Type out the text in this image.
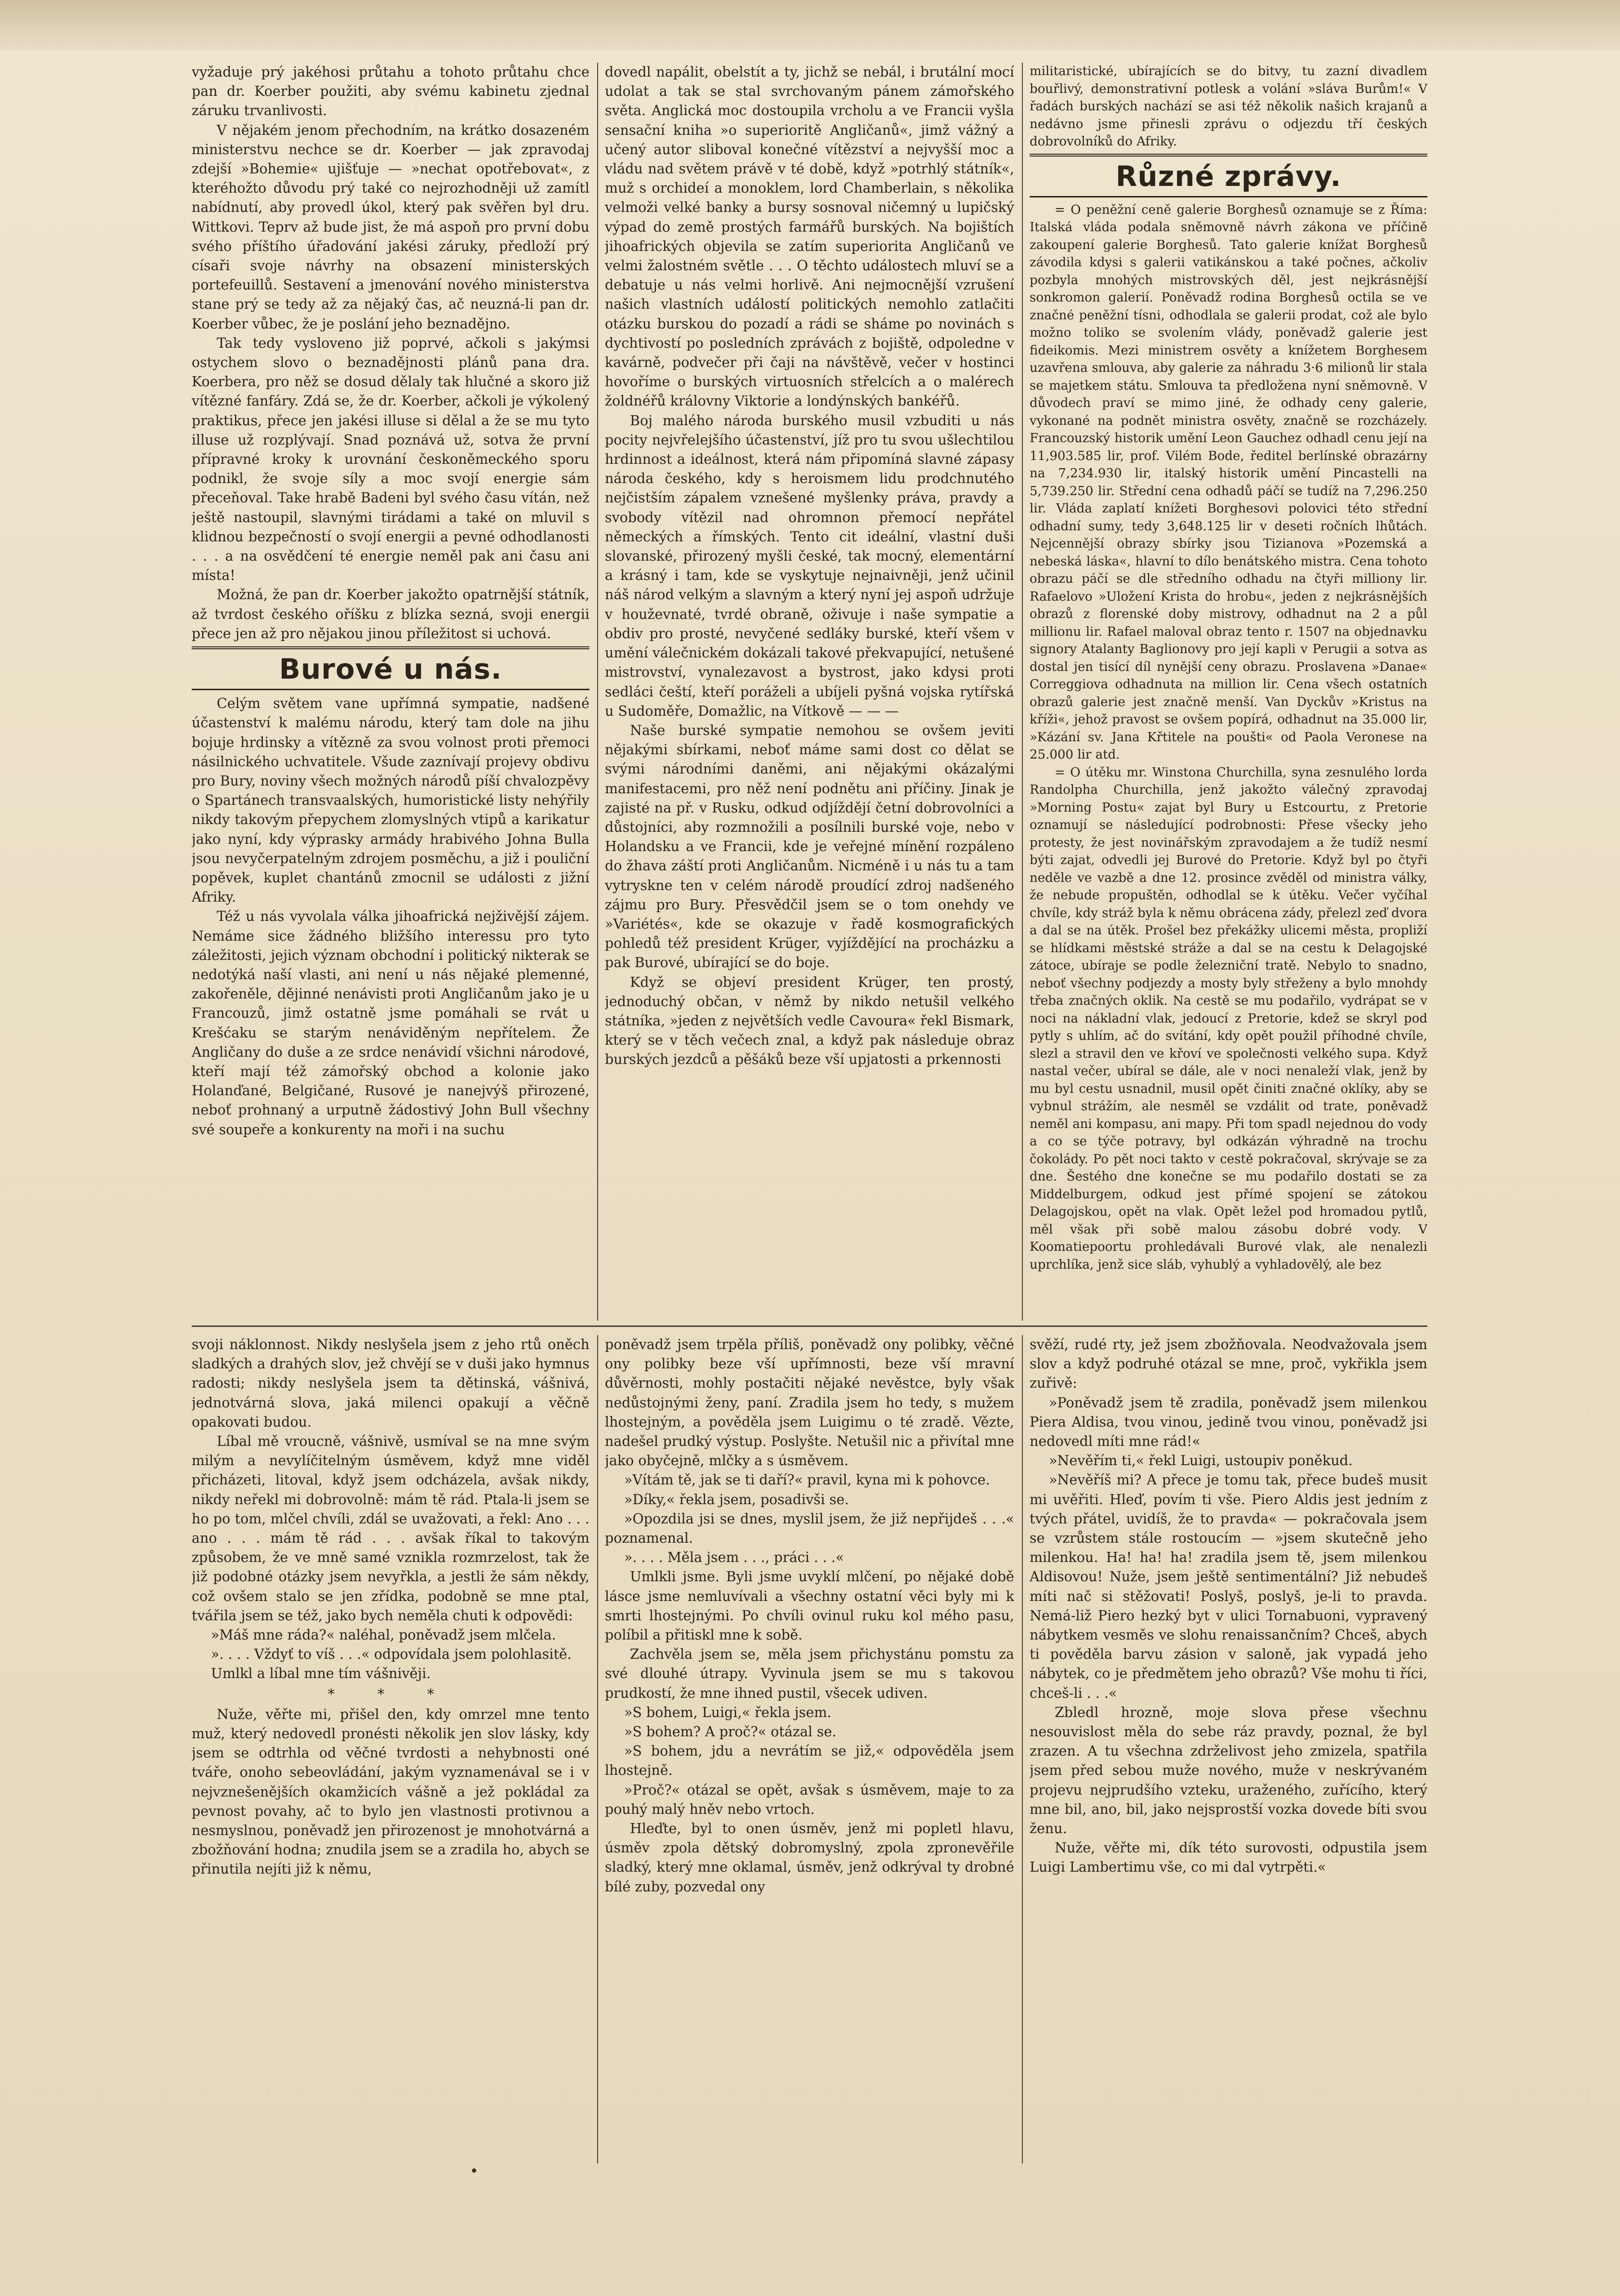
vyžaduje prý jakéhosi průtahu a tohoto průtahu chce pan dr. Koerber použiti, aby svému kabinetu zjednal záruku trvanlivosti.

V nějakém jenom přechodním, na krátko dosazeném ministerstvu nechce se dr. Koerber — jak zpravodaj zdejší »Bohemie« ujišťuje — »nechat opotřebovat«, z kteréhožto důvodu prý také co nejrozhodněji už zamítl nabídnutí, aby provedl úkol, který pak svěřen byl dru. Wittkovi. Teprv až bude jist, že má aspoň pro první dobu svého příštího úřadování jakési záruky, předloží prý císaři svoje návrhy na obsazení ministerských portefeuillů. Sestavení a jmenování nového ministerstva stane prý se tedy až za nějaký čas, ač neuzná-li pan dr. Koerber vůbec, že je poslání jeho beznadějno.

Tak tedy vysloveno již poprvé, ačkoli s jakýmsi ostychem slovo o beznadějnosti plánů pana dra. Koerbera, pro něž se dosud dělaly tak hlučné a skoro již vítězné fanfáry. Zdá se, že dr. Koerber, ačkoli je výkolený praktikus, přece jen jakési illuse si dělal a že se mu tyto illuse už rozplývají. Snad poznává už, sotva že první přípravné kroky k urovnání českoněmeckého sporu podnikl, že svoje síly a moc svojí energie sám přeceňoval. Take hrabě Badeni byl svého času vítán, než ještě nastoupil, slavnými tirádami a také on mluvil s klidnou bezpečností o svojí energii a pevné odhodlanosti . . . a na osvědčení té energie neměl pak ani času ani místa!

Možná, že pan dr. Koerber jakožto opatrnější státník, až tvrdost českého oříšku z blízka sezná, svoji energii přece jen až pro nějakou jinou příležitost si uchová.

Burové u nás.

Celým světem vane upřímná sympatie, nadšené účastenství k malému národu, který tam dole na jihu bojuje hrdinsky a vítězně za svou volnost proti přemoci násilnického uchvatitele. Všude zaznívají projevy obdivu pro Bury, noviny všech možných národů píší chvalozpěvy o Spartánech transvaalských, humoristické listy nehýřily nikdy takovým přepychem zlomyslných vtipů a karikatur jako nyní, kdy výprasky armády hrabivého Johna Bulla jsou nevyčerpatelným zdrojem posměchu, a již i pouliční popěvek, kuplet chantánů zmocnil se události z jižní Afriky.

Též u nás vyvolala válka jihoafrická nejživější zájem. Nemáme sice žádného bližšího interessu pro tyto záležitosti, jejich význam obchodní i politický nikterak se nedotýká naší vlasti, ani není u nás nějaké plemenné, zakořeněle, dějinné nenávisti proti Angličanům jako je u Francouzů, jimž ostatně jsme pomáhali se rvát u Krešćaku se starým nenáviděným nepřítelem. Že Angličany do duše a ze srdce nenávidí všichni národové, kteří mají též zámořský obchod a kolonie jako Holanďané, Belgičané, Rusové je nanejvýš přirozené, neboť prohnaný a urputně žádostivý John Bull všechny své soupeře a konkurenty na moři i na suchu

dovedl napálit, obelstít a ty, jichž se nebál, i brutální mocí udolat a tak se stal svrchovaným pánem zámořského světa. Anglická moc dostoupila vrcholu a ve Francii vyšla sensační kniha »o superioritě Angličanů«, jimž vážný a učený autor sliboval konečné vítězství a nejvyšší moc a vládu nad světem právě v té době, když »potrhlý státník«, muž s orchideí a monoklem, lord Chamberlain, s několika velmoži velké banky a bursy sosnoval ničemný u lupičský výpad do země prostých farmářů burských. Na bojištích jihoafrických objevila se zatím superiorita Angličanů ve velmi žalostném světle . . . O těchto událostech mluví se a debatuje u nás velmi horlivě. Ani nejmocnější vzrušení našich vlastních událostí politických nemohlo zatlačiti otázku burskou do pozadí a rádi se sháme po novinách s dychtivostí po posledních zprávách z bojiště, odpoledne v kavárně, podvečer při čaji na návštěvě, večer v hostinci hovoříme o burských virtuosních střelcích a o malérech žoldnéřů královny Viktorie a londýnských bankéřů.

Boj malého národa burského musil vzbuditi u nás pocity nejvřelejšího účastenství, jíž pro tu svou ušlechtilou hrdinnost a ideálnost, která nám připomíná slavné zápasy národa českého, kdy s heroismem lidu prodchnutého nejčistším zápalem vznešené myšlenky práva, pravdy a svobody vítězil nad ohromnon přemocí nepřátel německých a římských. Tento cit ideální, vlastní duši slovanské, přirozený myšli české, tak mocný, elementární a krásný i tam, kde se vyskytuje nejnaivněji, jenž učinil náš národ velkým a slavným a který nyní jej aspoň udržuje v houževnaté, tvrdé obraně, oživuje i naše sympatie a obdiv pro prosté, nevyčené sedláky burské, kteří všem v umění válečnickém dokázali takové překvapující, netušené mistrovství, vynalezavost a bystrost, jako kdysi proti sedláci čeští, kteří poráželi a ubíjeli pyšná vojska rytířská u Sudoměře, Domažlic, na Vítkově — — —

Naše burské sympatie nemohou se ovšem jeviti nějakými sbírkami, neboť máme sami dost co dělat se svými národními daněmi, ani nějakými okázalými manifestacemi, pro něž není podnětu ani příčiny. Jinak je zajisté na př. v Rusku, odkud odjíždějí četní dobrovolníci a důstojníci, aby rozmnožili a posílnili burské voje, nebo v Holandsku a ve Francii, kde je veřejné mínění rozpáleno do žhava záští proti Angličanům. Nicméně i u nás tu a tam vytryskne ten v celém národě proudící zdroj nadšeného zájmu pro Bury. Přesvědčil jsem se o tom onehdy ve »Variétés«, kde se okazuje v řadě kosmografických pohledů též president Krüger, vyjíždějící na procházku a pak Burové, ubírající se do boje.

Když se objeví president Krüger, ten prostý, jednoduchý občan, v němž by nikdo netušil velkého státníka, »jeden z největších vedle Cavoura« řekl Bismark, který se v těch večech znal, a když pak následuje obraz burských jezdců a pěšáků beze vší upjatosti a prkennosti

militaristické, ubírajících se do bitvy, tu zazní divadlem bouřlivý, demonstrativní potlesk a volání »sláva Burům!« V řadách burských nachází se asi též několik našich krajanů a nedávno jsme přinesli zprávu o odjezdu tří českých dobrovolníků do Afriky.

Různé zprávy.

= O peněžní ceně galerie Borghesů oznamuje se z Říma: Italská vláda podala sněmovně návrh zákona ve příčině zakoupení galerie Borghesů. Tato galerie knížat Borghesů závodila kdysi s galerii vatikánskou a také počnes, ačkoliv pozbyla mnohých mistrovských děl, jest nejkrásnější sonkromon galerií. Poněvadž rodina Borghesů octila se ve značné peněžní tísni, odhodlala se galerii prodat, což ale bylo možno toliko se svolením vlády, poněvadž galerie jest fideikomis. Mezi ministrem osvěty a knížetem Borghesem uzavřena smlouva, aby galerie za náhradu 3·6 milionů lir stala se majetkem státu. Smlouva ta předložena nyní sněmovně. V důvodech praví se mimo jiné, že odhady ceny galerie, vykonané na podnět ministra osvěty, značně se rozcházely. Francouzský historik umění Leon Gauchez odhadl cenu její na 11,903.585 lir, prof. Vilém Bode, ředitel berlínské obrazárny na 7,234.930 lir, italský historik umění Pincastelli na 5,739.250 lir. Střední cena odhadů páčí se tudíž na 7,296.250 lir. Vláda zaplatí knížeti Borghesovi polovici této střední odhadní sumy, tedy 3,648.125 lir v deseti ročních lhůtách. Nejcennější obrazy sbírky jsou Tizianova »Pozemská a nebeská láska«, hlavní to dílo benátského mistra. Cena tohoto obrazu páčí se dle středního odhadu na čtyři milliony lir. Rafaelovo »Uložení Krista do hrobu«, jeden z nejkrásnějších obrazů z florenské doby mistrovy, odhadnut na 2 a půl millionu lir. Rafael maloval obraz tento r. 1507 na objednavku signory Atalanty Baglionovy pro její kapli v Perugii a sotva as dostal jen tisící díl nynější ceny obrazu. Proslavena »Danae« Correggiova odhadnuta na million lir. Cena všech ostatních obrazů galerie jest značně menší. Van Dyckův »Kristus na kříži«, jehož pravost se ovšem popírá, odhadnut na 35.000 lir, »Kázání sv. Jana Křtitele na poušti« od Paola Veronese na 25.000 lir atd.

= O útěku mr. Winstona Churchilla, syna zesnulého lorda Randolpha Churchilla, jenž jakožto válečný zpravodaj »Morning Postu« zajat byl Bury u Estcourtu, z Pretorie oznamují se následující podrobnosti: Přese všecky jeho protesty, že jest novinářským zpravodajem a že tudíž nesmí býti zajat, odvedli jej Burové do Pretorie. Když byl po čtyři neděle ve vazbě a dne 12. prosince zvěděl od ministra války, že nebude propuštěn, odhodlal se k útěku. Večer vyčíhal chvíle, kdy stráž byla k němu obrácena zády, přelezl zeď dvora a dal se na útěk. Prošel bez překážky ulicemi města, propliží se hlídkami městské stráže a dal se na cestu k Delagojské zátoce, ubíraje se podle železniční tratě. Nebylo to snadno, neboť všechny podjezdy a mosty byly střeženy a bylo mnohdy třeba značných oklik. Na cestě se mu podařilo, vydrápat se v noci na nákladní vlak, jedoucí z Pretorie, kdež se skryl pod pytly s uhlím, ač do svítání, kdy opět použil příhodné chvíle, slezl a stravil den ve křoví ve společnosti velkého supa. Když nastal večer, ubíral se dále, ale v noci nenaleží vlak, jenž by mu byl cestu usnadnil, musil opět činiti značné oklíky, aby se vybnul strážím, ale nesměl se vzdálit od trate, poněvadž neměl ani kompasu, ani mapy. Při tom spadl nejednou do vody a co se týče potravy, byl odkázán výhradně na trochu čokolády. Po pět noci takto v cestě pokračoval, skrývaje se za dne. Šestého dne konečne se mu podařilo dostati se za Middelburgem, odkud jest přímé spojení se zátokou Delagojskou, opět na vlak. Opět ležel pod hromadou pytlů, měl však při sobě malou zásobu dobré vody. V Koomatiepoortu prohledávali Burové vlak, ale nenalezli uprchlíka, jenž sice sláb, vyhublý a vyhladovělý, ale bez

svoji náklonnost. Nikdy neslyšela jsem z jeho rtů oněch sladkých a drahých slov, jež chvějí se v duši jako hymnus radosti; nikdy neslyšela jsem ta dětinská, vášnivá, jednotvárná slova, jaká milenci opakují a věčně opakovati budou.

Líbal mě vroucně, vášnivě, usmíval se na mne svým milým a nevylíčitelným úsměvem, když mne viděl přicházeti, litoval, když jsem odcházela, avšak nikdy, nikdy neřekl mi dobrovolně: mám tě rád. Ptala-li jsem se ho po tom, mlčel chvíli, zdál se uvažovati, a řekl: Ano . . . ano . . . mám tě rád . . . avšak říkal to takovým způsobem, že ve mně samé vznikla rozmrzelost, tak že již podobné otázky jsem nevyřkla, a jestli že sám někdy, což ovšem stalo se jen zřídka, podobně se mne ptal, tvářila jsem se též, jako bych neměla chuti k odpovědi:

»Máš mne ráda?« naléhal, poněvadž jsem mlčela.

». . . . Vždyť to víš . . .« odpovídala jsem polohlasitě.

Umlkl a líbal mne tím vášnivěji.

* * *

Nuže, věřte mi, přišel den, kdy omrzel mne tento muž, který nedovedl pronésti několik jen slov lásky, kdy jsem se odtrhla od věčné tvrdosti a nehybnosti oné tváře, onoho sebeovládání, jakým vyznamenával se i v nejvznešenějších okamžicích vášně a jež pokládal za pevnost povahy, ač to bylo jen vlastnosti protivnou a nesmyslnou, poněvadž jen přirozenost je mnohotvárná a zbožňování hodna; znudila jsem se a zradila ho, abych se přinutila nejíti již k němu,

poněvadž jsem trpěla příliš, poněvadž ony polibky, věčné ony polibky beze vší upřímnosti, beze vší mravní důvěrnosti, mohly postačiti nějaké nevěstce, byly však nedůstojnými ženy, paní. Zradila jsem ho tedy, s mužem lhostejným, a pověděla jsem Luigimu o té zradě. Vězte, nadešel prudký výstup. Poslyšte. Netušil nic a přivítal mne jako obyčejně, mlčky a s úsměvem.

»Vítám tě, jak se ti daří?« pravil, kyna mi k pohovce.

»Díky,« řekla jsem, posadivši se.

»Opozdila jsi se dnes, myslil jsem, že již nepřijdeš . . .« poznamenal.

». . . . Měla jsem . . ., práci . . .«

Umlkli jsme. Byli jsme uvyklí mlčení, po nějaké době lásce jsme nemluvívali a všechny ostatní věci byly mi k smrti lhostejnými. Po chvíli ovinul ruku kol mého pasu, políbil a přitiskl mne k sobě.

Zachvěla jsem se, měla jsem přichystánu pomstu za své dlouhé útrapy. Vyvinula jsem se mu s takovou prudkostí, že mne ihned pustil, všecek udiven.

»S bohem, Luigi,« řekla jsem.

»S bohem? A proč?« otázal se.

»S bohem, jdu a nevrátím se již,« odpověděla jsem lhostejně.

»Proč?« otázal se opět, avšak s úsměvem, maje to za pouhý malý hněv nebo vrtoch.

Hleďte, byl to onen úsměv, jenž mi popletl hlavu, úsměv zpola dětský dobromyslný, zpola zpronevěřile sladký, který mne oklamal, úsměv, jenž odkrýval ty drobné bílé zuby, pozvedal ony

svěží, rudé rty, jež jsem zbožňovala. Neodvažovala jsem slov a když podruhé otázal se mne, proč, vykřikla jsem zuřivě:

»Poněvadž jsem tě zradila, poněvadž jsem milenkou Piera Aldisa, tvou vinou, jedině tvou vinou, poněvadž jsi nedovedl míti mne rád!«

»Nevěřím ti,« řekl Luigi, ustoupiv poněkud.

»Nevěříš mi? A přece je tomu tak, přece budeš musit mi uvěřiti. Hleď, povím ti vše. Piero Aldis jest jedním z tvých přátel, uvidíš, že to pravda« — pokračovala jsem se vzrůstem stále rostoucím — »jsem skutečně jeho milenkou. Ha! ha! ha! zradila jsem tě, jsem milenkou Aldisovou! Nuže, jsem ještě sentimentální? Již nebudeš míti nač si stěžovati! Poslyš, poslyš, je-li to pravda. Nemá-liž Piero hezký byt v ulici Tornabuoni, vypravený nábytkem vesměs ve slohu renaissančním? Chceš, abych ti pověděla barvu zásion v saloně, jak vypadá jeho nábytek, co je předmětem jeho obrazů? Vše mohu ti říci, chceš-li . . .«

Zbledl hrozně, moje slova přese všechnu nesouvislost měla do sebe ráz pravdy, poznal, že byl zrazen. A tu všechna zdrželivost jeho zmizela, spatřila jsem před sebou muže nového, muže v neskrývaném projevu nejprudšího vzteku, uraženého, zuřícího, který mne bil, ano, bil, jako nejsprostší vozka dovede bíti svou ženu.

Nuže, věřte mi, dík této surovosti, odpustila jsem Luigi Lambertimu vše, co mi dal vytrpěti.«
